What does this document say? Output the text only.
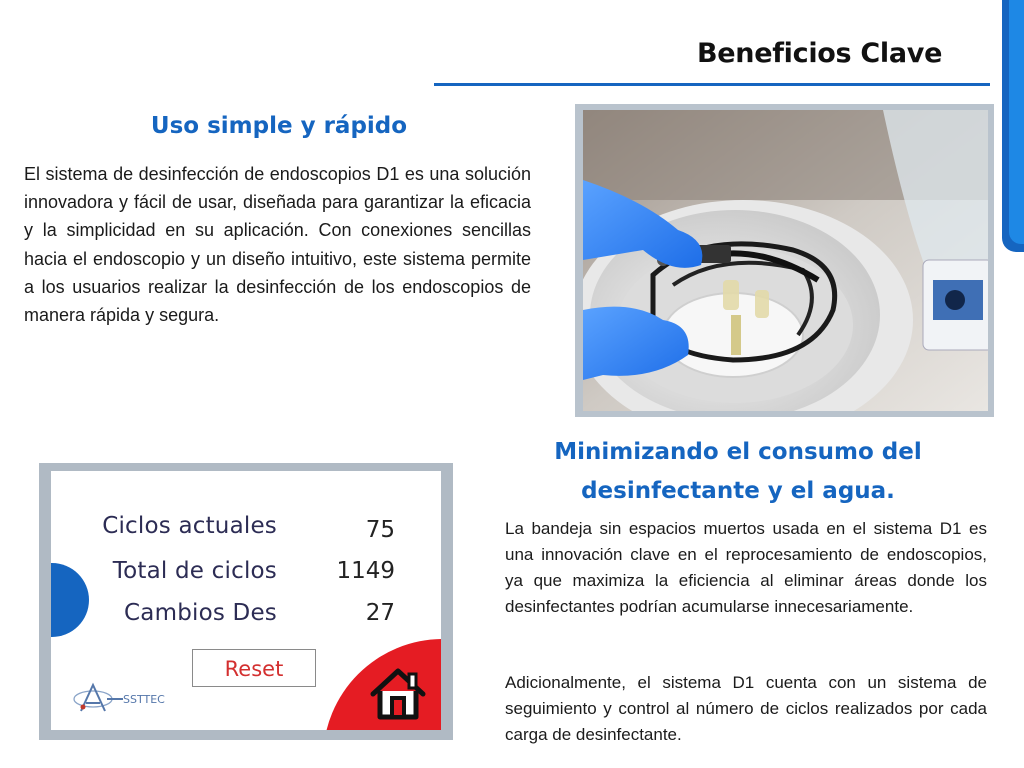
Beneficios Clave
Uso simple y rápido
El sistema de desinfección de endoscopios D1 es una solución innovadora y fácil de usar, diseñada para garantizar la eficacia y la simplicidad en su aplicación. Con conexiones sencillas hacia el endoscopio y un diseño intuitivo, este sistema permite a los usuarios realizar la desinfección de los endoscopios de manera rápida y segura.
Minimizando el consumo del
desinfectante y el agua.
La bandeja sin espacios muertos usada en el sistema D1 es una innovación clave en el reprocesamiento de endoscopios, ya que maximiza la eficiencia al eliminar áreas donde los desinfectantes podrían acumularse innecesariamente.
Adicionalmente, el sistema D1 cuenta con un sistema de seguimiento y control al número de ciclos realizados por cada carga de desinfectante.
Ciclos actuales	75
Total de ciclos	1149
Cambios Des	27
Reset
SSTTEC
